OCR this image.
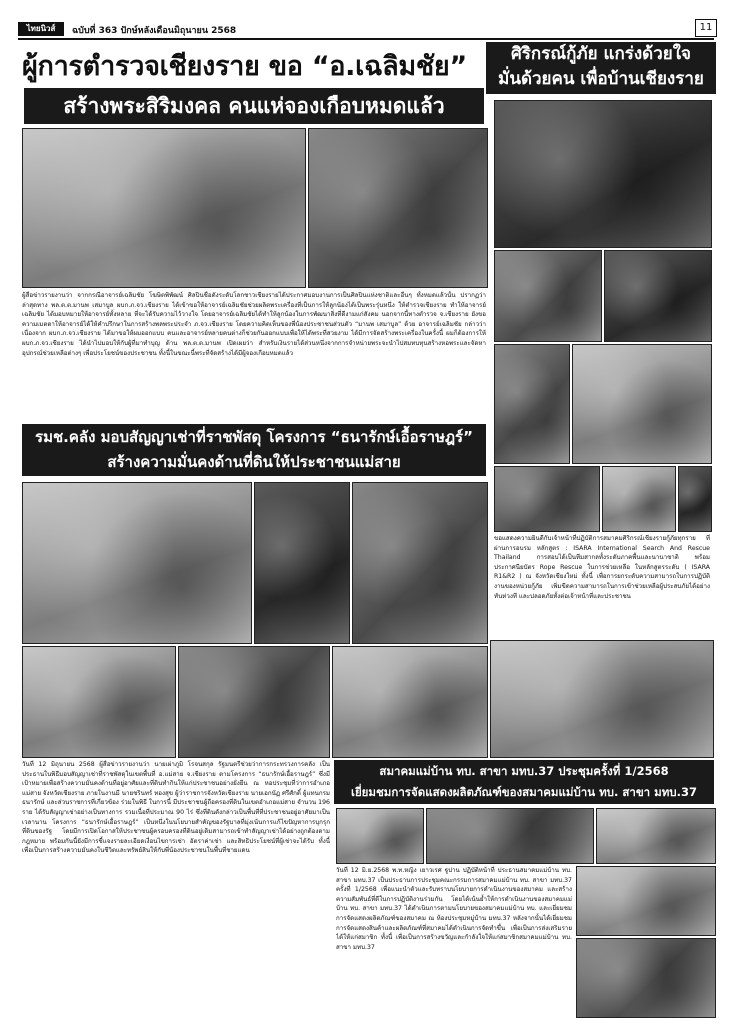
ไทยนิวส์	ฉบับที่ 363 ปักษ์หลังเดือนมิถุนายน 2568	11
ผู้การตำรวจเชียงราย ขอ “อ.เฉลิมชัย”
สร้างพระสิริมงคล คนแห่จองเกือบหมดแล้ว
ผู้สื่อข่าวรายงานว่า จากกรณีอาจารย์เฉลิมชัย โฆษิตพิพัฒน์ ศิลปินชื่อดังระดับโลกชาวเชียงรายได้ประกาศมอบงานการเป็นศิลปินแห่งชาติและอื่นๆ ทั้งหมดแล้วนั้น ปรากฏว่าล่าสุดทาง พล.ต.ต.มานพ เสมาบูล ผบก.ภ.จว.เชียงราย ได้เข้าขอให้อาจารย์เฉลิมชัยช่วยผลิตพระเครื่องที่เป็นการให้ลูกน้องได้เป็นพระรุ่นหนึ่ง ให้ตำรวจเชียงราย ทำให้อาจารย์เฉลิมชัย ได้มอบหมายให้อาจารย์ทั้งหลาย ที่จะได้รับความไว้วางใจ โดยอาจารย์เฉลิมชัยได้ทำให้ลูกน้องในการพัฒนาสิ่งที่ดีงามแก่สังคม นอกจากนี้ทางตำรวจ จ.เชียงราย ยังขอความเมตตาให้อาจารย์ได้ให้คำปรึกษาในการสร้างพลพระประจำ ภ.จว.เชียงราย โดยความคิดเห็นของพี่น้องประชาชนส่วนตัว “มานพ เสมาบูล” ด้วย อาจารย์เฉลิมชัย กล่าวว่า เนื่องจาก ผบก.ภ.จว.เชียงราย ได้มาขอให้ผมออกแบบ คนและอาจารย์หลายคนต่างก็ช่วยกันออกแบบเพื่อให้ได้พระที่สวยงาม ได้มีการจัดสร้างพระเครื่องในครั้งนี้ ผมก็ต้องการให้ ผบก.ภ.จว.เชียงราย ได้นำไปมอบให้กับผู้ที่มาทำบุญ ด้าน พล.ต.ต.มานพ เปิดเผยว่า สำหรับเงินรายได้ส่วนหนึ่งจากการจำหน่ายพระจะนำไปสมทบทุนสร้างหอพระและจัดหาอุปกรณ์ช่วยเหลือต่างๆ เพื่อประโยชน์ของประชาชน ทั้งนี้ในขณะนี้พระที่จัดสร้างได้มีผู้จองเกือบหมดแล้ว
ศิริกรณ์กู้ภัย แกร่งด้วยใจ
มั่นด้วยคน เพื่อบ้านเชียงราย
ขอแสดงความยินดีกับเจ้าหน้าที่ปฏิบัติการสมาคมศิริกรณ์เชียงรายกู้ภัยทุกราย ที่ผ่านการอบรม หลักสูตร : ISARA International Search And Rescue Thailand การสอบได้เป็นทีมสากลทั้งระดับภาคพื้นและนานาชาติ พร้อมประกาศนียบัตร Rope Rescue ในการช่วยเหลือ ในหลักสูตรระดับ ( ISARA R1&R2 ) ณ จังหวัดเชียงใหม่ ทั้งนี้ เพื่อการยกระดับความสามารถในการปฏิบัติงานของหน่วยกู้ภัย เพิ่มขีดความสามารถในการเข้าช่วยเหลือผู้ประสบภัยได้อย่างทันท่วงที และปลอดภัยทั้งต่อเจ้าหน้าที่และประชาชน
รมช.คลัง มอบสัญญาเช่าที่ราชพัสดุ โครงการ “ธนารักษ์เอื้อราษฎร์”
สร้างความมั่นคงด้านที่ดินให้ประชาชนแม่สาย
วันที่ 12 มิถุนายน 2568 ผู้สื่อข่าวรายงานว่า นายเผ่าภูมิ โรจนสกุล รัฐมนตรีช่วยว่าการกระทรวงการคลัง เป็นประธานในพิธีมอบสัญญาเช่าที่ราชพัสดุในเขตพื้นที่ อ.แม่สาย จ.เชียงราย ตามโครงการ “ธนารักษ์เอื้อราษฎร์” ซึ่งมีเป้าหมายเพื่อสร้างความมั่นคงด้านที่อยู่อาศัยและที่ดินทำกินให้แก่ประชาชนอย่างยั่งยืน ณ หอประชุมที่ว่าการอำเภอแม่สาย จังหวัดเชียงราย ภายในงานมี นายชรินทร์ ทองสุข ผู้ว่าราชการจังหวัดเชียงราย นายเอกนัฏ ศรีศักดิ์ ผู้แทนกรมธนารักษ์ และส่วนราชการที่เกี่ยวข้อง ร่วมในพิธี ในการนี้ มีประชาชนผู้ถือครองที่ดินในเขตอำเภอแม่สาย จำนวน 196 ราย ได้รับสัญญาเช่าอย่างเป็นทางการ รวมเนื้อที่ประมาณ 90 ไร่ ซึ่งที่ดินดังกล่าวเป็นพื้นที่ที่ประชาชนอยู่อาศัยมาเป็นเวลานาน โครงการ “ธนารักษ์เอื้อราษฎร์” เป็นหนึ่งในนโยบายสำคัญของรัฐบาลที่มุ่งเน้นการแก้ไขปัญหาการบุกรุกที่ดินของรัฐ โดยมีการเปิดโอกาสให้ประชาชนผู้ครอบครองที่ดินอยู่เดิมสามารถเข้าทำสัญญาเช่าได้อย่างถูกต้องตามกฎหมาย พร้อมกันนี้ยังมีการชี้แจงรายละเอียดเงื่อนไขการเช่า อัตราค่าเช่า และสิทธิประโยชน์ที่ผู้เช่าจะได้รับ ทั้งนี้ เพื่อเป็นการสร้างความมั่นคงในชีวิตและทรัพย์สินให้กับพี่น้องประชาชนในพื้นที่ชายแดน
สมาคมแม่บ้าน ทบ. สาขา มทบ.37 ประชุมครั้งที่ 1/2568
เยี่ยมชมการจัดแสดงผลิตภัณฑ์ของสมาคมแม่บ้าน ทบ. สาขา มทบ.37
วันที่ 12 มิ.ย.2568 พ.ท.หญิง เยาวเรศ ฐูปาน ปฏิบัติหน้าที่ ประธานสมาคมแม่บ้าน ทบ. สาขา มทบ.37 เป็นประธานการประชุมคณะกรรมการสมาคมแม่บ้าน ทบ. สาขา มทบ.37 ครั้งที่ 1/2568 เพื่อแนะนำตัวและรับทราบนโยบายการดำเนินงานของสมาคม และสร้างความสัมพันธ์ที่ดีในการปฏิบัติงานร่วมกัน โดยได้เน้นย้ำให้การดำเนินงานของสมาคมแม่บ้าน ทบ. สาขา มทบ.37 ได้ดำเนินการตามนโยบายของสมาคมแม่บ้าน ทบ. และเยี่ยมชมการจัดแสดงผลิตภัณฑ์ของสมาคม ณ ห้องประชุมหมู่บ้าน มทบ.37 หลังจากนั้นได้เยี่ยมชมการจัดแสดงสินค้าและผลิตภัณฑ์ที่สมาคมได้ดำเนินการจัดทำขึ้น เพื่อเป็นการส่งเสริมรายได้ให้แก่สมาชิก ทั้งนี้ เพื่อเป็นการสร้างขวัญและกำลังใจให้แก่สมาชิกสมาคมแม่บ้าน ทบ. สาขา มทบ.37
